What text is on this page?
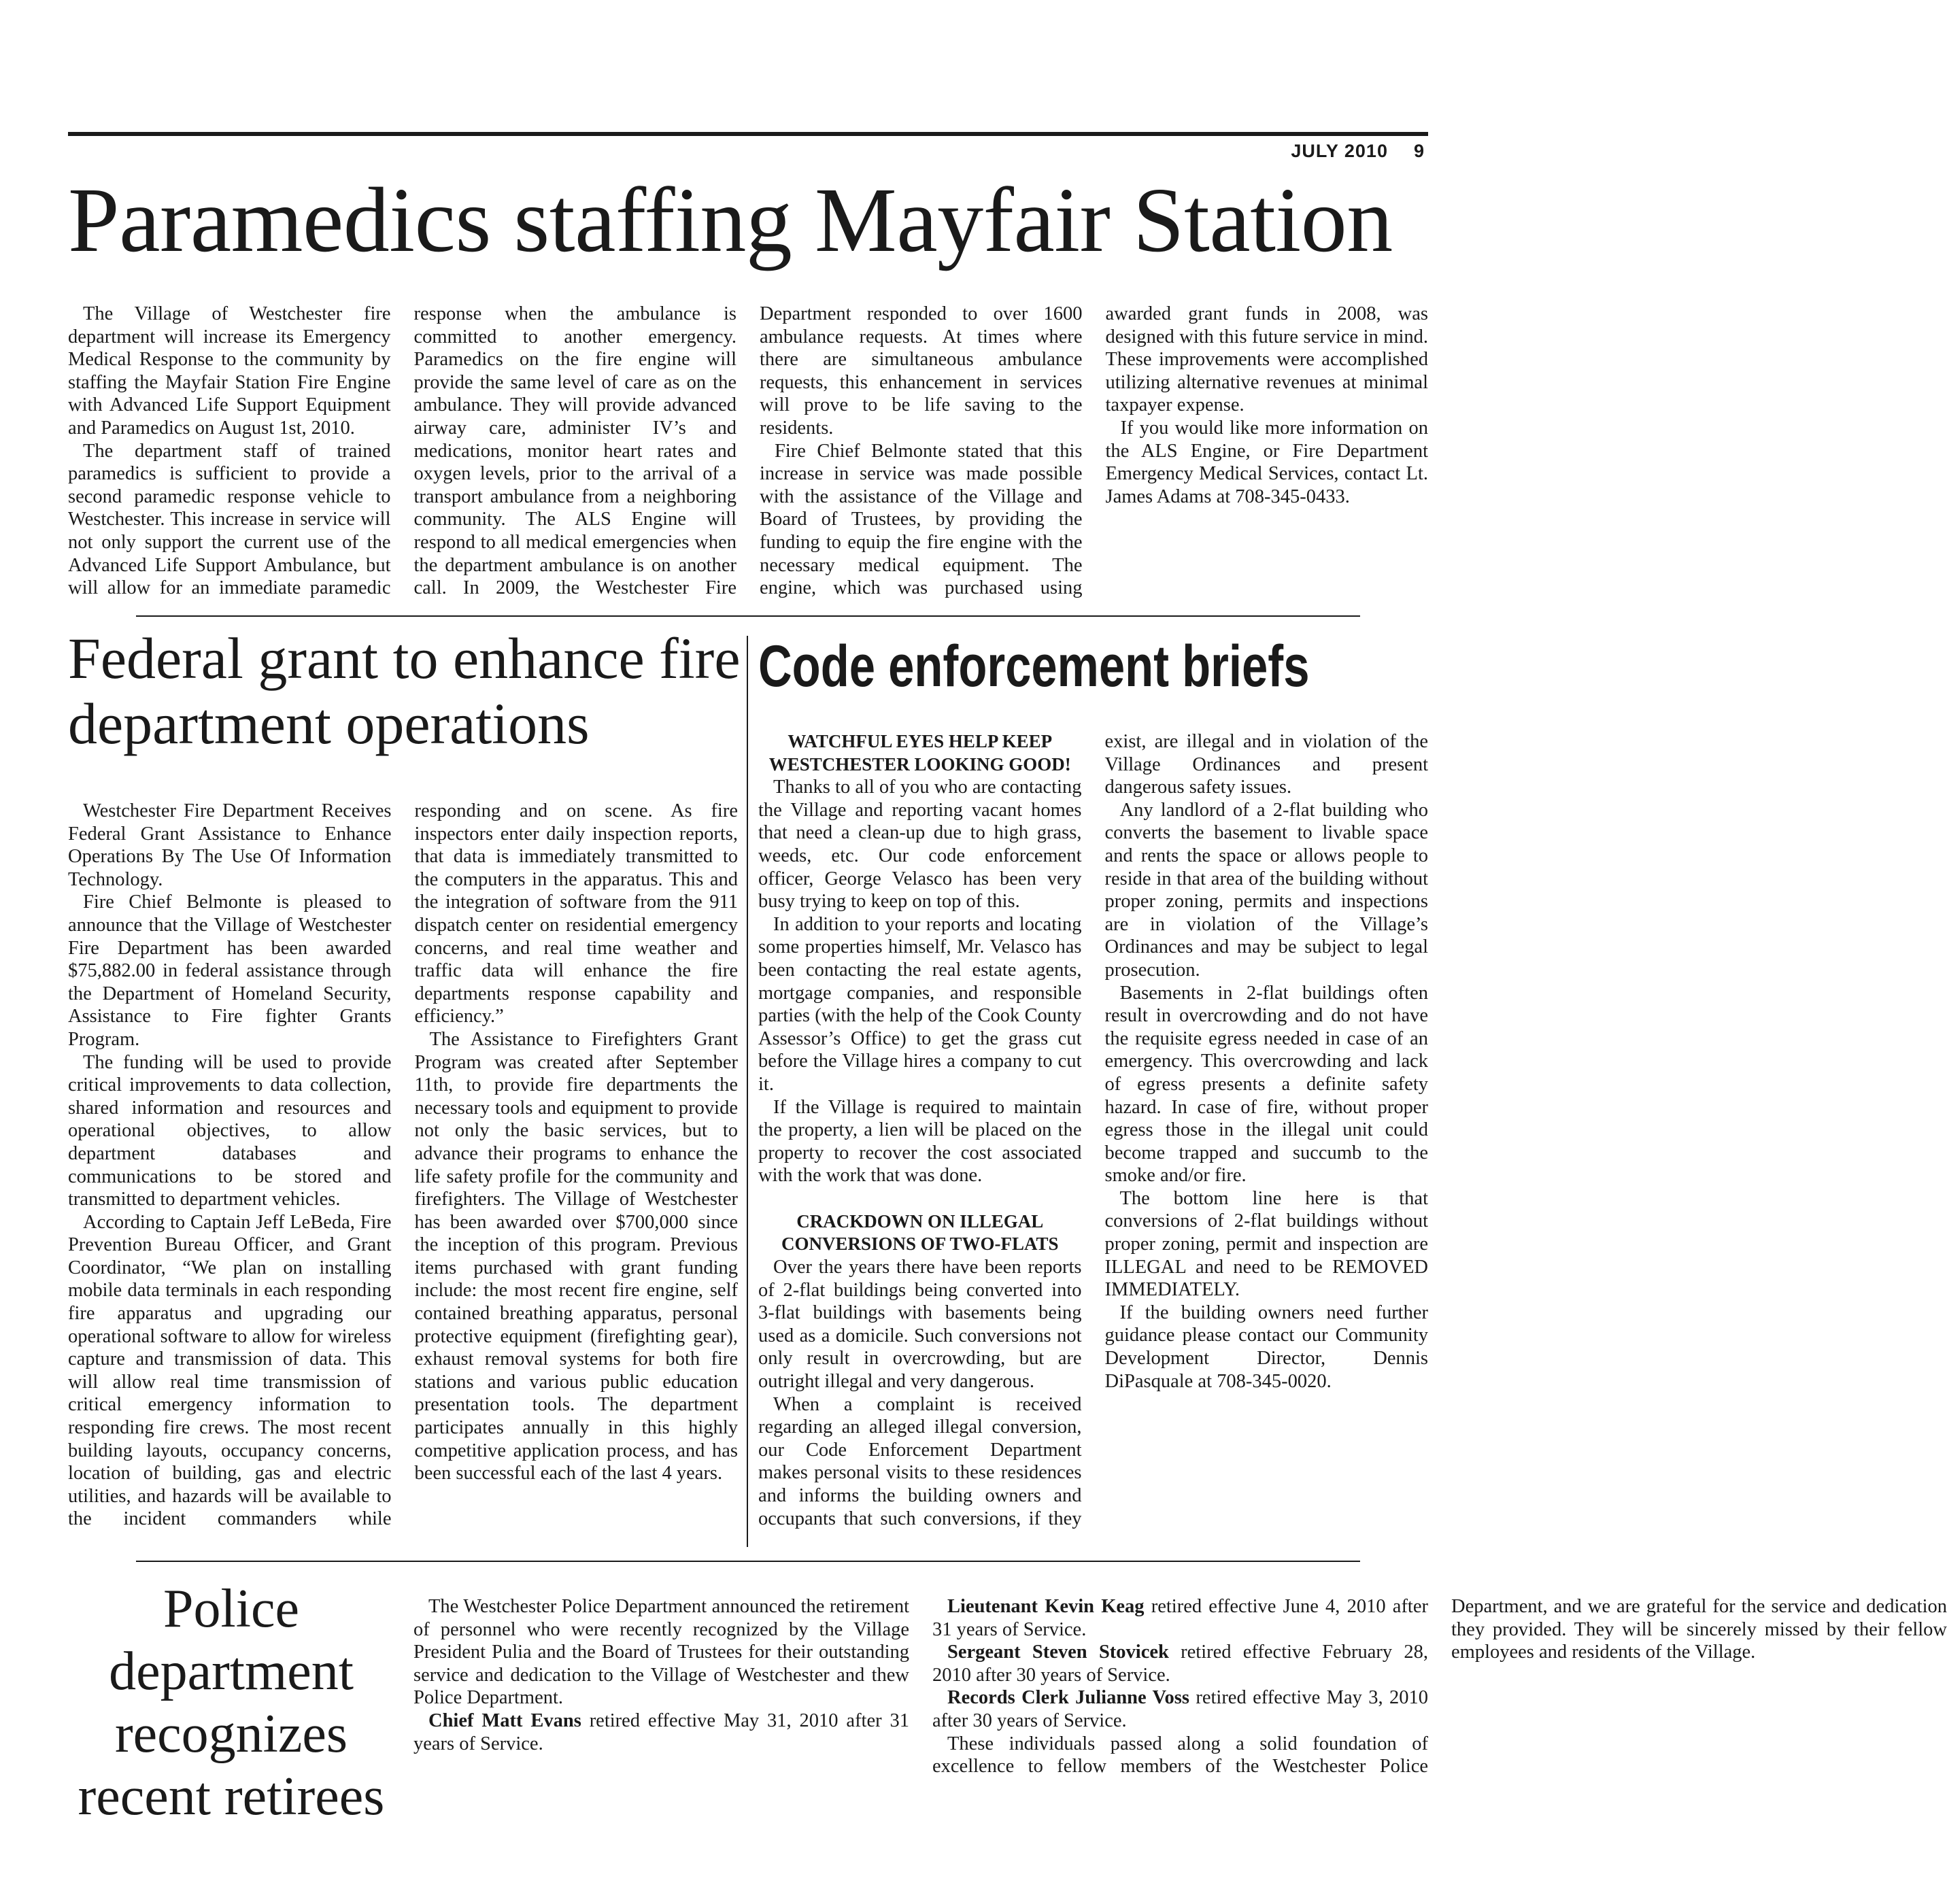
JULY 2010 9
Paramedics staffing Mayfair Station

The Village of Westchester fire department will increase its Emergency Medical Response to the community by staffing the Mayfair Station Fire Engine with Advanced Life Support Equipment and Paramedics on August 1st, 2010.

The department staff of trained paramedics is sufficient to provide a second paramedic response vehicle to Westchester. This increase in service will not only support the current use of the Advanced Life Support Ambulance, but will allow for an immediate paramedic response when the ambulance is committed to another emergency. Paramedics on the fire engine will provide the same level of care as on the ambulance. They will provide advanced airway care, administer IV’s and medications, monitor heart rates and oxygen levels, prior to the arrival of a transport ambulance from a neighboring community. The ALS Engine will respond to all medical emergencies when the department ambulance is on another call. In 2009, the Westchester Fire Department responded to over 1600 ambulance requests. At times where there are simultaneous ambulance requests, this enhancement in services will prove to be life saving to the residents.

Fire Chief Belmonte stated that this increase in service was made possible with the assistance of the Village and Board of Trustees, by providing the funding to equip the fire engine with the necessary medical equipment. The engine, which was purchased using awarded grant funds in 2008, was designed with this future service in mind. These improvements were accomplished utilizing alternative revenues at minimal taxpayer expense.

If you would like more information on the ALS Engine, or Fire Department Emergency Medical Services, contact Lt. James Adams at 708-345-0433.

Federal grant to enhance fire department operations

Westchester Fire Department Receives Federal Grant Assistance to Enhance Operations By The Use Of Information Technology.

Fire Chief Belmonte is pleased to announce that the Village of Westchester Fire Department has been awarded $75,882.00 in federal assistance through the Department of Homeland Security, Assistance to Fire fighter Grants Program.

The funding will be used to provide critical improvements to data collection, shared information and resources and operational objectives, to allow department databases and communications to be stored and transmitted to department vehicles.

According to Captain Jeff LeBeda, Fire Prevention Bureau Officer, and Grant Coordinator, “We plan on installing mobile data terminals in each responding fire apparatus and upgrading our operational software to allow for wireless capture and transmission of data. This will allow real time transmission of critical emergency information to responding fire crews. The most recent building layouts, occupancy concerns, location of building, gas and electric utilities, and hazards will be available to the incident commanders while responding and on scene. As fire inspectors enter daily inspection reports, that data is immediately transmitted to the computers in the apparatus. This and the integration of software from the 911 dispatch center on residential emergency concerns, and real time weather and traffic data will enhance the fire departments response capability and efficiency.”

The Assistance to Firefighters Grant Program was created after September 11th, to provide fire departments the necessary tools and equipment to provide not only the basic services, but to advance their programs to enhance the life safety profile for the community and firefighters. The Village of Westchester has been awarded over $700,000 since the inception of this program. Previous items purchased with grant funding include: the most recent fire engine, self contained breathing apparatus, personal protective equipment (firefighting gear), exhaust removal systems for both fire stations and various public education presentation tools. The department participates annually in this highly competitive application process, and has been successful each of the last 4 years.

Code enforcement briefs

WATCHFUL EYES HELP KEEP WESTCHESTER LOOKING GOOD!

Thanks to all of you who are contacting the Village and reporting vacant homes that need a clean-up due to high grass, weeds, etc. Our code enforcement officer, George Velasco has been very busy trying to keep on top of this.

In addition to your reports and locating some properties himself, Mr. Velasco has been contacting the real estate agents, mortgage companies, and responsible parties (with the help of the Cook County Assessor’s Office) to get the grass cut before the Village hires a company to cut it.

If the Village is required to maintain the property, a lien will be placed on the property to recover the cost associated with the work that was done.

CRACKDOWN ON ILLEGAL CONVERSIONS OF TWO-FLATS

Over the years there have been reports of 2-flat buildings being converted into 3-flat buildings with basements being used as a domicile. Such conversions not only result in overcrowding, but are outright illegal and very dangerous.

When a complaint is received regarding an alleged illegal conversion, our Code Enforcement Department makes personal visits to these residences and informs the building owners and occupants that such conversions, if they exist, are illegal and in violation of the Village Ordinances and present dangerous safety issues.

Any landlord of a 2-flat building who converts the basement to livable space and rents the space or allows people to reside in that area of the building without proper zoning, permits and inspections are in violation of the Village’s Ordinances and may be subject to legal prosecution.

Basements in 2-flat buildings often result in overcrowding and do not have the requisite egress needed in case of an emergency. This overcrowding and lack of egress presents a definite safety hazard. In case of fire, without proper egress those in the illegal unit could become trapped and succumb to the smoke and/or fire.

The bottom line here is that conversions of 2-flat buildings without proper zoning, permit and inspection are ILLEGAL and need to be REMOVED IMMEDIATELY.

If the building owners need further guidance please contact our Community Development Director, Dennis DiPasquale at 708-345-0020.

Police department recognizes recent retirees

The Westchester Police Department announced the retirement of personnel who were recently recognized by the Village President Pulia and the Board of Trustees for their outstanding service and dedication to the Village of Westchester and thew Police Department.

Chief Matt Evans retired effective May 31, 2010 after 31 years of Service.

Lieutenant Kevin Keag retired effective June 4, 2010 after 31 years of Service.

Sergeant Steven Stovicek retired effective February 28, 2010 after 30 years of Service.

Records Clerk Julianne Voss retired effective May 3, 2010 after 30 years of Service.

These individuals passed along a solid foundation of excellence to fellow members of the Westchester Police Department, and we are grateful for the service and dedication they provided. They will be sincerely missed by their fellow employees and residents of the Village.
